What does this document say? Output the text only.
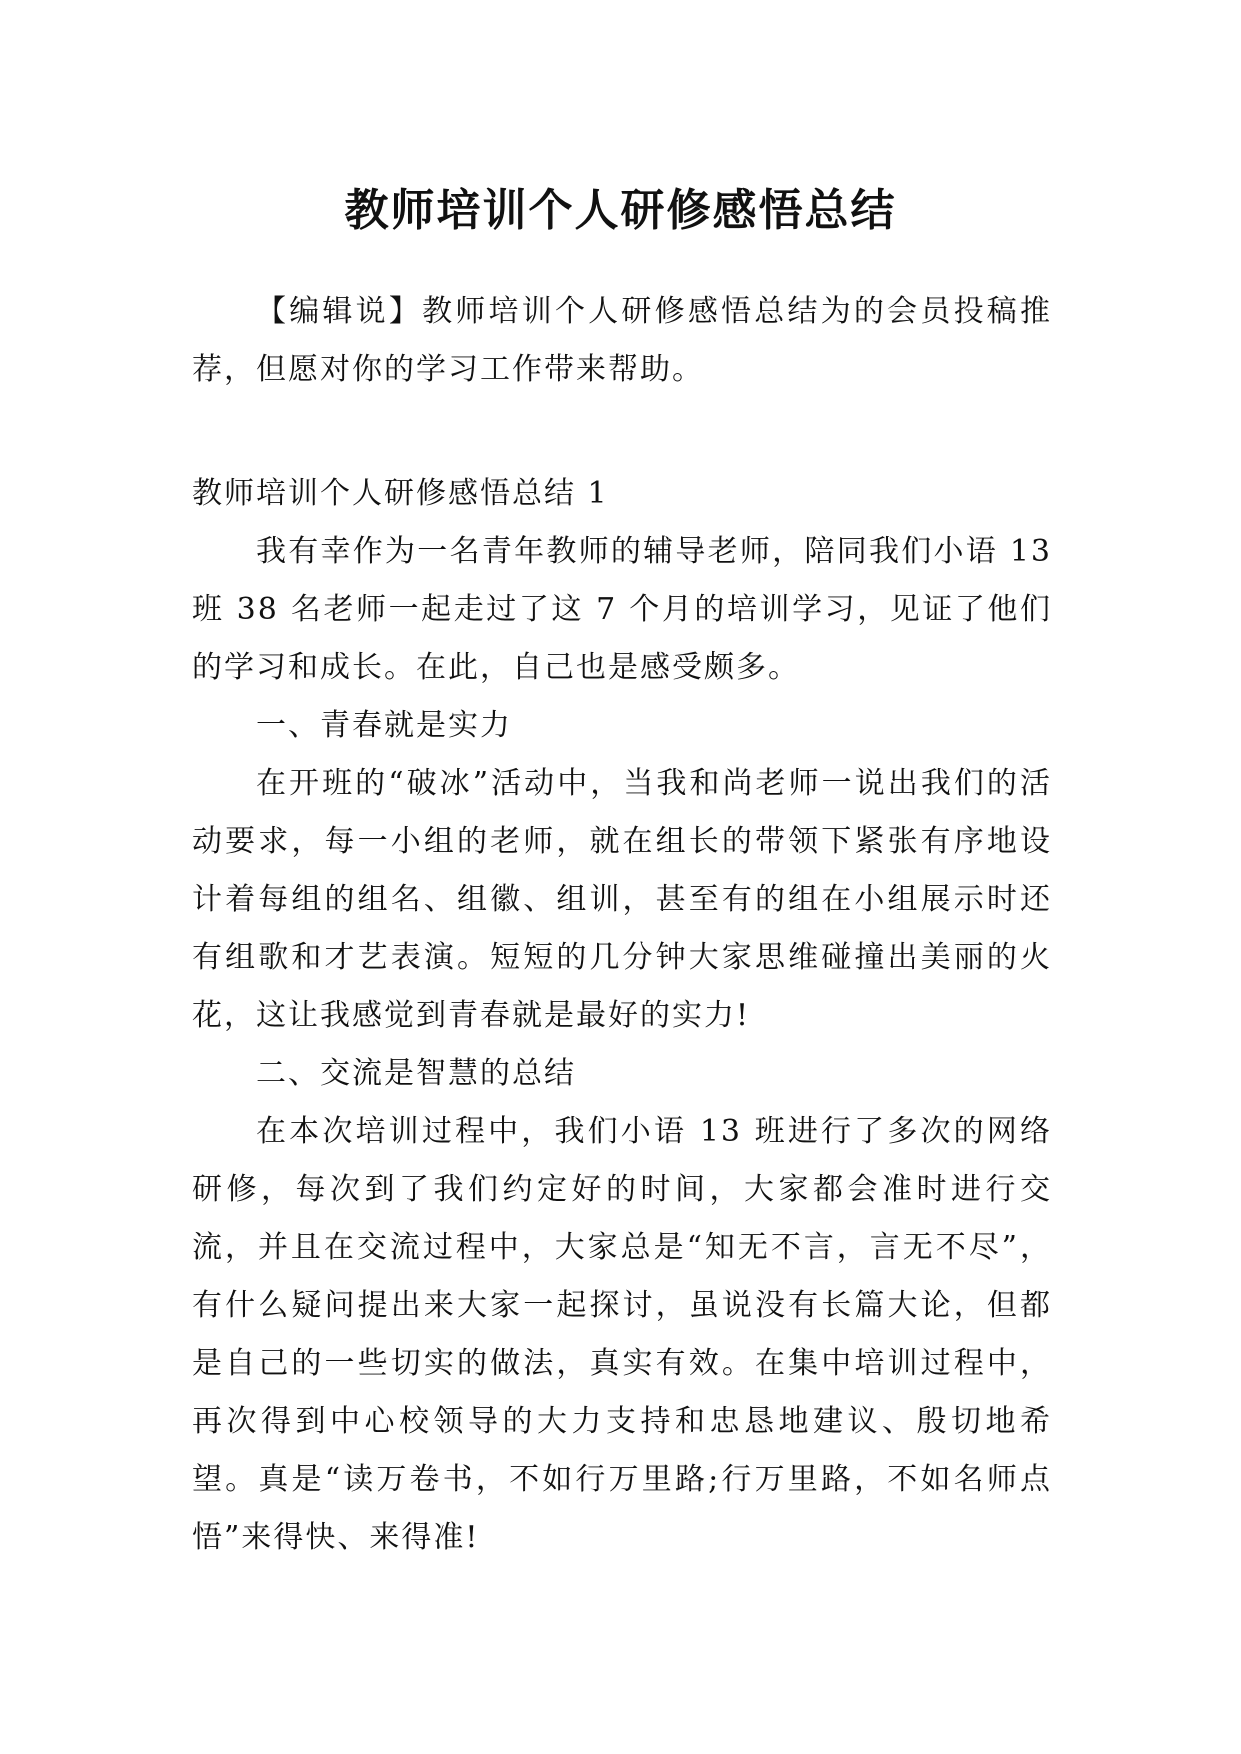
教师培训个人研修感悟总结

【编辑说】教师培训个人研修感悟总结为的会员投稿推荐，但愿对你的学习工作带来帮助。

教师培训个人研修感悟总结 1

我有幸作为一名青年教师的辅导老师，陪同我们小语 13 班 38 名老师一起走过了这 7 个月的培训学习，见证了他们的学习和成长。在此，自己也是感受颇多。

一、青春就是实力

在开班的“破冰”活动中，当我和尚老师一说出我们的活动要求，每一小组的老师，就在组长的带领下紧张有序地设计着每组的组名、组徽、组训，甚至有的组在小组展示时还有组歌和才艺表演。短短的几分钟大家思维碰撞出美丽的火花，这让我感觉到青春就是最好的实力!

二、交流是智慧的总结

在本次培训过程中，我们小语 13 班进行了多次的网络研修，每次到了我们约定好的时间，大家都会准时进行交流，并且在交流过程中，大家总是“知无不言，言无不尽”，有什么疑问提出来大家一起探讨，虽说没有长篇大论，但都是自己的一些切实的做法，真实有效。在集中培训过程中，再次得到中心校领导的大力支持和忠恳地建议、殷切地希望。真是“读万卷书，不如行万里路;行万里路，不如名师点悟”来得快、来得准!
